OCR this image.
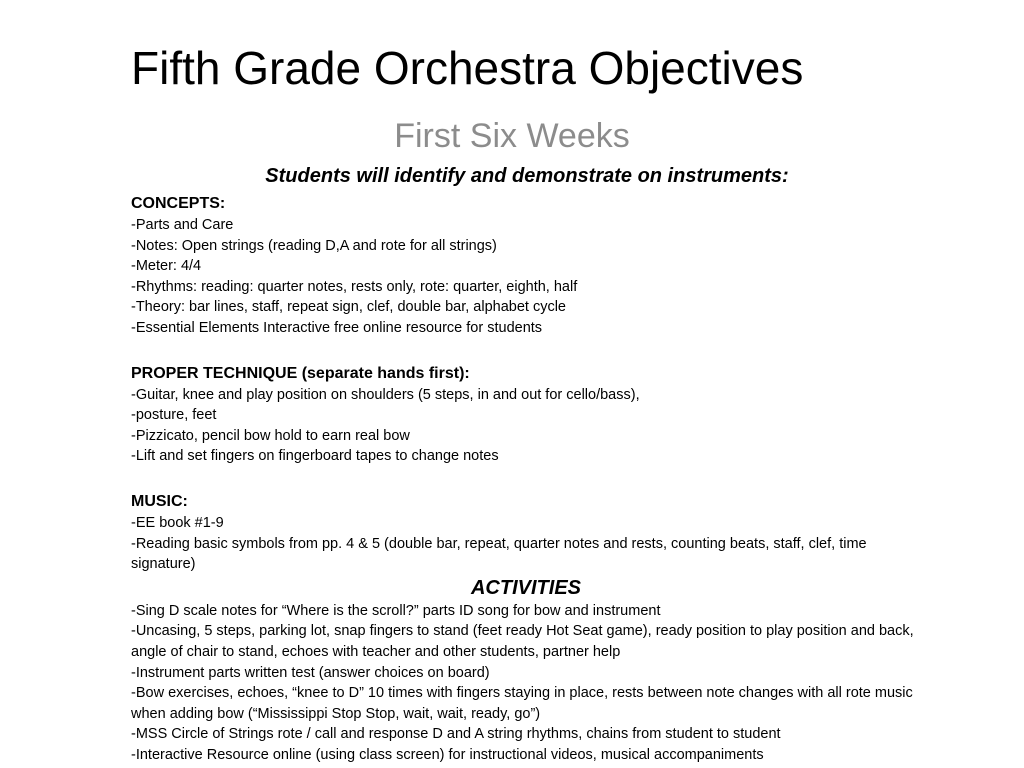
Fifth Grade Orchestra Objectives
First Six Weeks
Students will identify and demonstrate on instruments:
CONCEPTS:
-Parts and Care
-Notes: Open strings (reading D,A and rote for all strings)
-Meter: 4/4
-Rhythms: reading: quarter notes, rests only, rote: quarter, eighth, half
-Theory: bar lines, staff, repeat sign, clef, double bar, alphabet cycle
-Essential Elements Interactive free online resource for students
PROPER TECHNIQUE (separate hands first):
-Guitar, knee and play position on shoulders (5 steps, in and out for cello/bass),
-posture, feet
-Pizzicato, pencil bow hold to earn real bow
-Lift and set fingers on fingerboard tapes to change notes
MUSIC:
-EE book #1-9
-Reading basic symbols from pp. 4 & 5 (double bar, repeat, quarter notes and rests, counting beats, staff, clef, time signature)
ACTIVITIES
-Sing D scale notes for “Where is the scroll?” parts ID song for bow and instrument
-Uncasing, 5 steps, parking lot, snap fingers to stand (feet ready Hot Seat game), ready position to play position and back, angle of chair to stand, echoes with teacher and other students, partner help
-Instrument parts written test (answer choices on board)
-Bow exercises, echoes, “knee to D” 10 times with fingers staying in place, rests between note changes with all rote music when adding bow (“Mississippi Stop Stop, wait, wait, ready, go”)
-MSS Circle of Strings rote / call and response D and A string rhythms, chains from student to student
-Interactive Resource online (using class screen) for instructional videos, musical accompaniments
